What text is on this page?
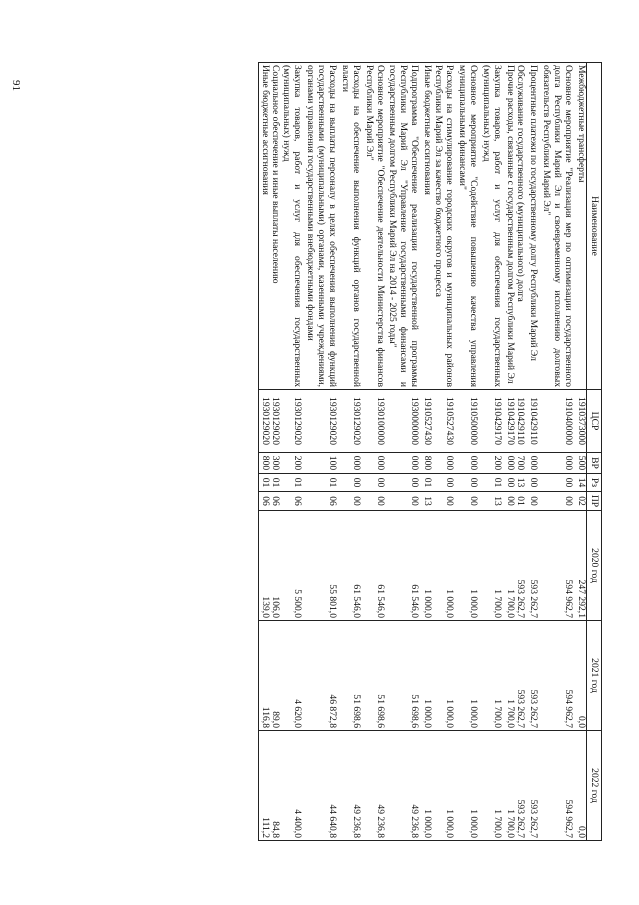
91
Наименование	ЦСР	ВР	Рз	ПР	2020 год	2021 год	2022 год
Межбюджетные трансферты	1910373000	500	14	02	247 292,1	0,0	0,0
Основное мероприятие "Реализация мер по оптимизации государственного долга Республики Марий Эл и своевременному исполнению долговых обязательств Республики Марий Эл"	1910400000	000	00	00	594 962,7	594 962,7	594 962,7
Процентные платежи по государственному долгу Республики Марий Эл	1910429110	000	00	00	593 262,7	593 262,7	593 262,7
Обслуживание государственного (муниципального) долга	1910429110	700	13	01	593 262,7	593 262,7	593 262,7
Прочие расходы, связанные с государственным долгом Республики Марий Эл	1910429170	000	00	00	1 700,0	1 700,0	1 700,0
Закупка товаров, работ и услуг для обеспечения государственных (муниципальных) нужд	1910429170	200	01	13	1 700,0	1 700,0	1 700,0
Основное мероприятие "Содействие повышению качества управления муниципальными финансами"	1910500000	000	00	00	1 000,0	1 000,0	1 000,0
Расходы на стимулирование городских округов и муниципальных районов Республики Марий Эл за качество бюджетного процесса	1910527430	000	00	00	1 000,0	1 000,0	1 000,0
Иные бюджетные ассигнования	1910527430	800	01	13	1 000,0	1 000,0	1 000,0
Подпрограмма "Обеспечение реализации государственной программы Республики Марий Эл "Управление государственными финансами и государственным долгом Республики Марий Эл на 2014 - 2025 годы"	1930000000	000	00	00	61 546,0	51 698,6	49 236,8
Основное мероприятие "Обеспечение деятельности Министерства финансов Республики Марий Эл"	1930100000	000	00	00	61 546,0	51 698,6	49 236,8
Расходы на обеспечение выполнения функций органов государственной власти	1930129020	000	00	00	61 546,0	51 698,6	49 236,8
Расходы на выплаты персоналу в целях обеспечения выполнения функций государственными (муниципальными) органами, казенными учреждениями, органами управления государственными внебюджетными фондами	1930129020	100	01	06	55 801,0	46 872,8	44 640,8
Закупка товаров, работ и услуг для обеспечения государственных (муниципальных) нужд	1930129020	200	01	06	5 500,0	4 620,0	4 400,0
Социальное обеспечение и иные выплаты населению	1930129020	300	01	06	106,0	89,0	84,8
Иные бюджетные ассигнования	1930129020	800	01	06	139,0	116,8	111,2
